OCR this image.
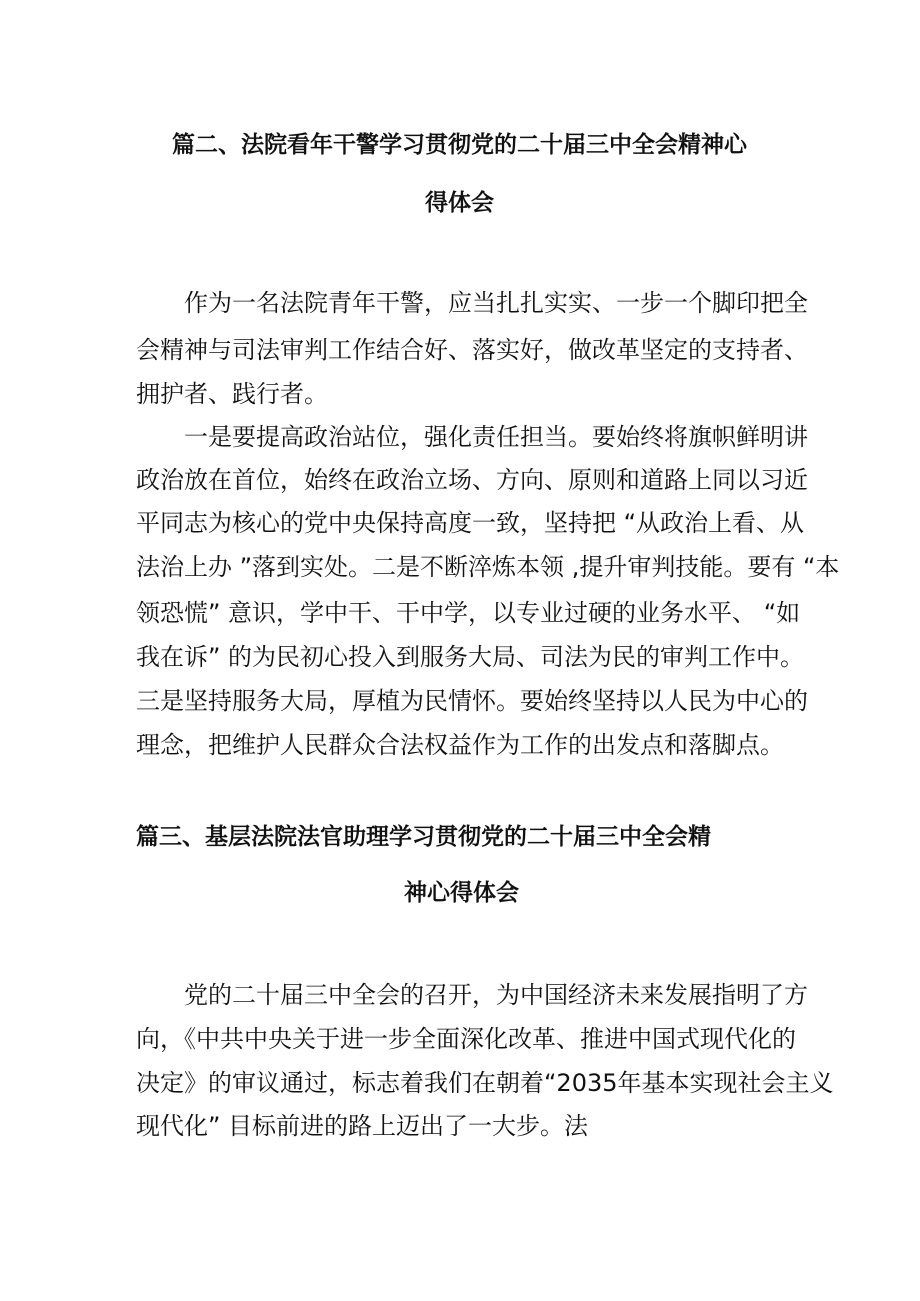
篇二、法院看年干警学习贯彻党的二十届三中全会精神心
得体会
作为一名法院青年干警，应当扎扎实实、一步一个脚印把全
会精神与司法审判工作结合好、落实好，做改革坚定的支持者、
拥护者、践行者。
一是要提高政治站位，强化责任担当。要始终将旗帜鲜明讲
政治放在首位，始终在政治立场、方向、原则和道路上同以习近
平同志为核心的党中央保持高度一致，坚持把 “从政治上看、从
法治上办 ”落到实处。二是不断淬炼本领 ,提升审判技能。要有 “本
领恐慌” 意识，学中干、干中学，以专业过硬的业务水平、 “如
我在诉” 的为民初心投入到服务大局、司法为民的审判工作中。
三是坚持服务大局，厚植为民情怀。要始终坚持以人民为中心的
理念，把维护人民群众合法权益作为工作的出发点和落脚点。
篇三、基层法院法官助理学习贯彻党的二十届三中全会精
神心得体会
党的二十届三中全会的召开，为中国经济未来发展指明了方
向，《中共中央关于进一步全面深化改革、推进中国式现代化的
决定》的审议通过，标志着我们在朝着“2035年基本实现社会主义
现代化” 目标前进的路上迈出了一大步。法
